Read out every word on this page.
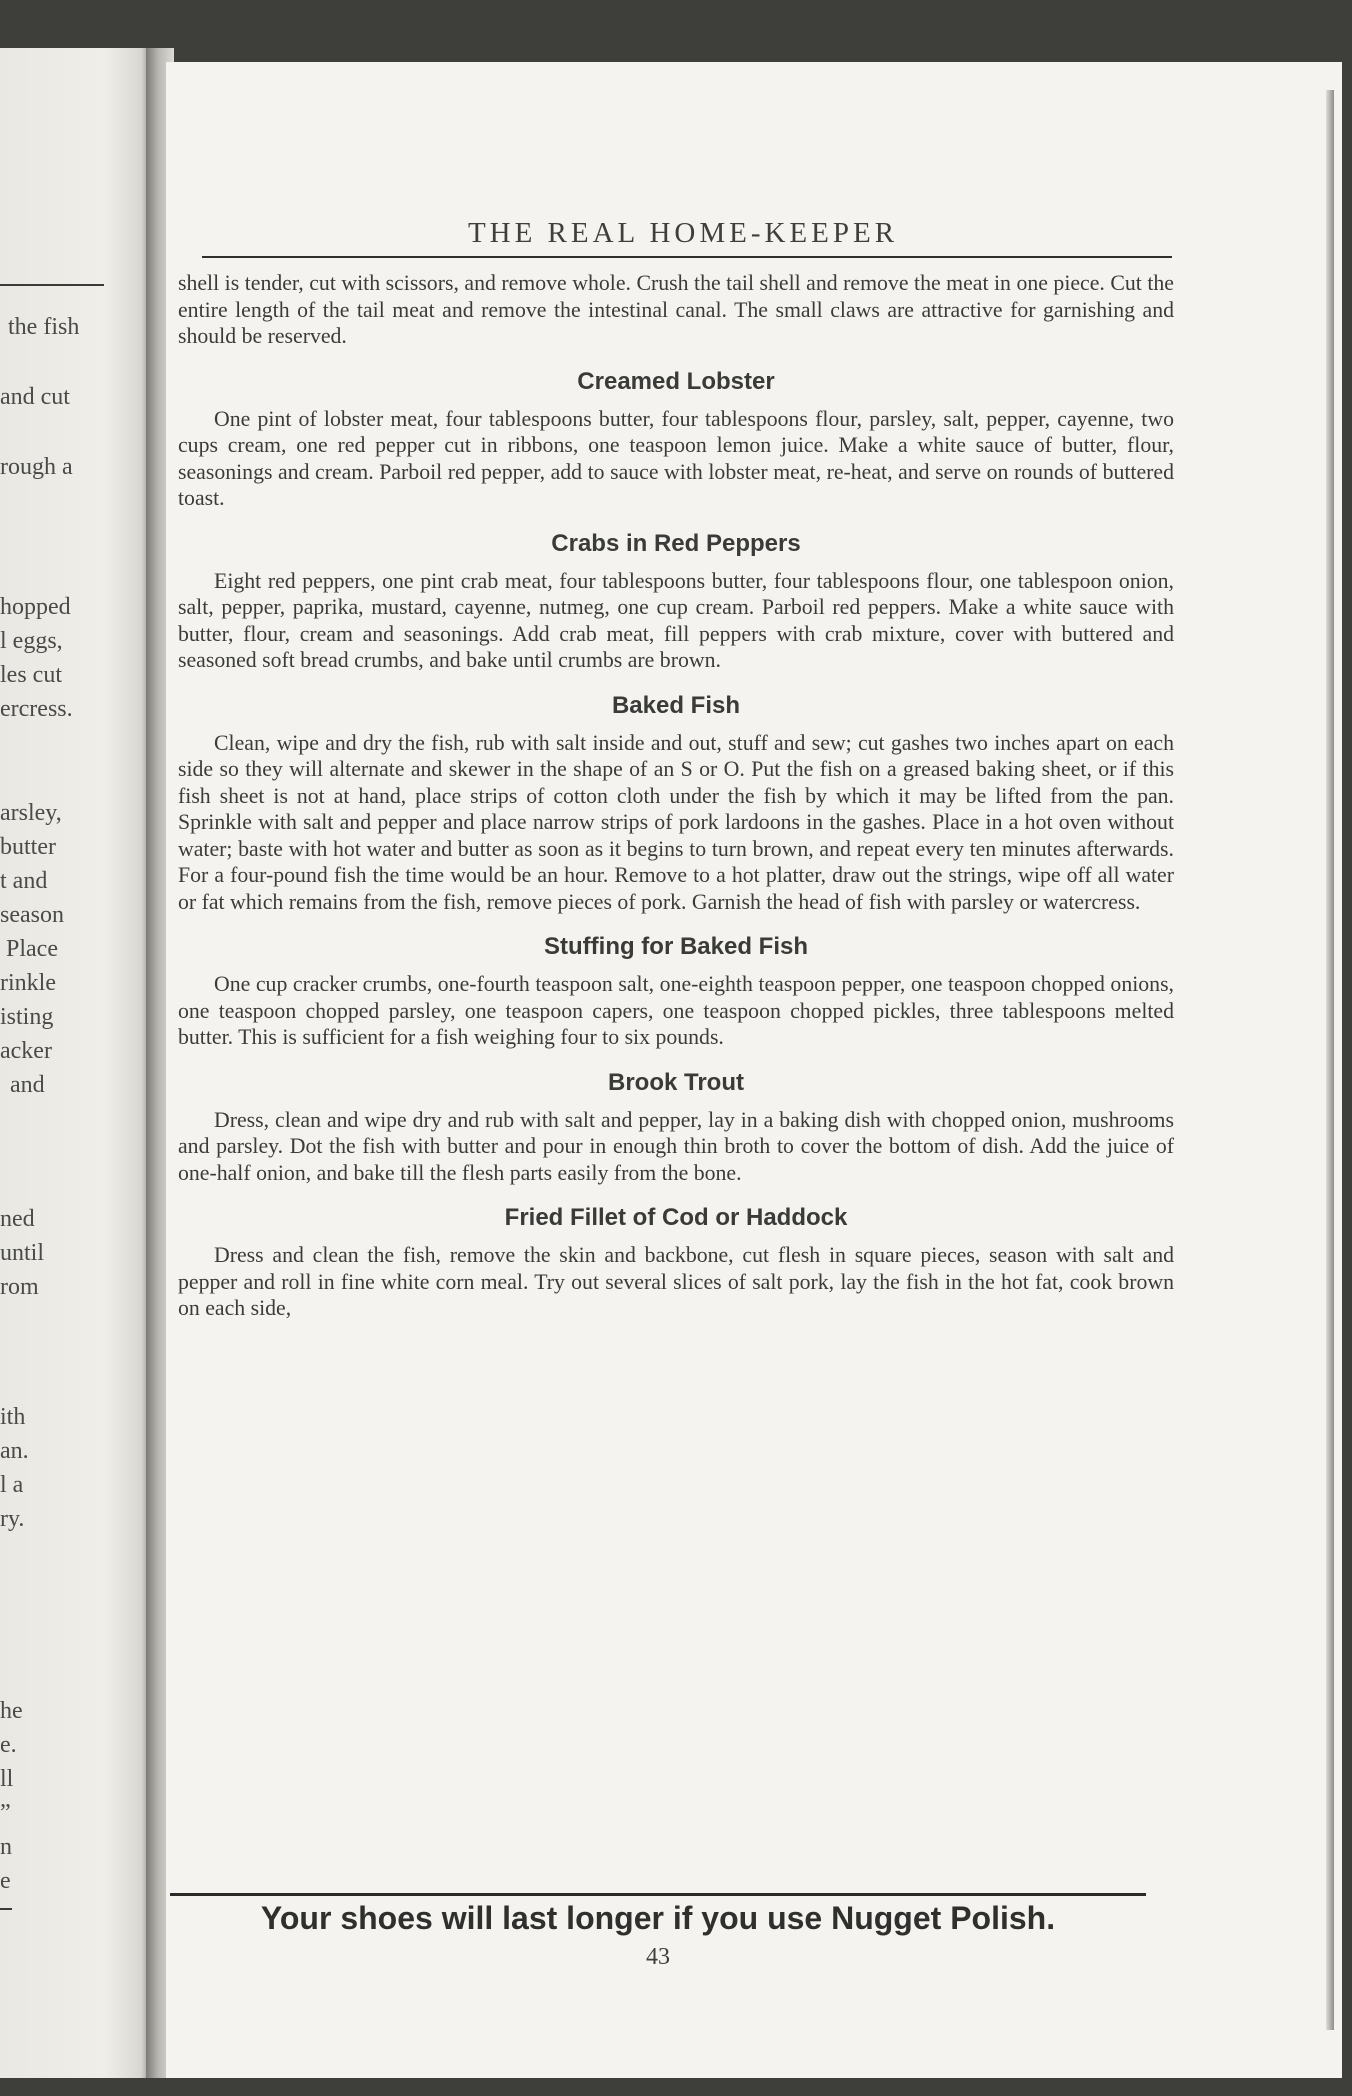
the fish
and cut
rough a
hopped
l eggs,
les cut
ercress.
arsley,
butter
t and
season
Place
rinkle
isting
acker
and
ned
until
rom
ith
an.
l a
ry.
he
e.
ll
”
n
e
THE REAL HOME-KEEPER

shell is tender, cut with scissors, and remove whole. Crush the tail shell and remove the meat in one piece. Cut the entire length of the tail meat and remove the intestinal canal. The small claws are attractive for garnishing and should be reserved.

Creamed Lobster

One pint of lobster meat, four tablespoons butter, four tablespoons flour, parsley, salt, pepper, cayenne, two cups cream, one red pepper cut in ribbons, one teaspoon lemon juice. Make a white sauce of butter, flour, seasonings and cream. Parboil red pepper, add to sauce with lobster meat, re-heat, and serve on rounds of buttered toast.

Crabs in Red Peppers

Eight red peppers, one pint crab meat, four tablespoons butter, four tablespoons flour, one tablespoon onion, salt, pepper, paprika, mustard, cayenne, nutmeg, one cup cream. Parboil red peppers. Make a white sauce with butter, flour, cream and seasonings. Add crab meat, fill peppers with crab mixture, cover with buttered and seasoned soft bread crumbs, and bake until crumbs are brown.

Baked Fish

Clean, wipe and dry the fish, rub with salt inside and out, stuff and sew; cut gashes two inches apart on each side so they will alternate and skewer in the shape of an S or O. Put the fish on a greased baking sheet, or if this fish sheet is not at hand, place strips of cotton cloth under the fish by which it may be lifted from the pan. Sprinkle with salt and pepper and place narrow strips of pork lardoons in the gashes. Place in a hot oven without water; baste with hot water and butter as soon as it begins to turn brown, and repeat every ten minutes afterwards. For a four-pound fish the time would be an hour. Remove to a hot platter, draw out the strings, wipe off all water or fat which remains from the fish, remove pieces of pork. Garnish the head of fish with parsley or watercress.

Stuffing for Baked Fish

One cup cracker crumbs, one-fourth teaspoon salt, one-eighth teaspoon pepper, one teaspoon chopped onions, one teaspoon chopped parsley, one teaspoon capers, one teaspoon chopped pickles, three tablespoons melted butter. This is sufficient for a fish weighing four to six pounds.

Brook Trout

Dress, clean and wipe dry and rub with salt and pepper, lay in a baking dish with chopped onion, mushrooms and parsley. Dot the fish with butter and pour in enough thin broth to cover the bottom of dish. Add the juice of one-half onion, and bake till the flesh parts easily from the bone.

Fried Fillet of Cod or Haddock

Dress and clean the fish, remove the skin and backbone, cut flesh in square pieces, season with salt and pepper and roll in fine white corn meal. Try out several slices of salt pork, lay the fish in the hot fat, cook brown on each side,

Your shoes will last longer if you use Nugget Polish.
43
